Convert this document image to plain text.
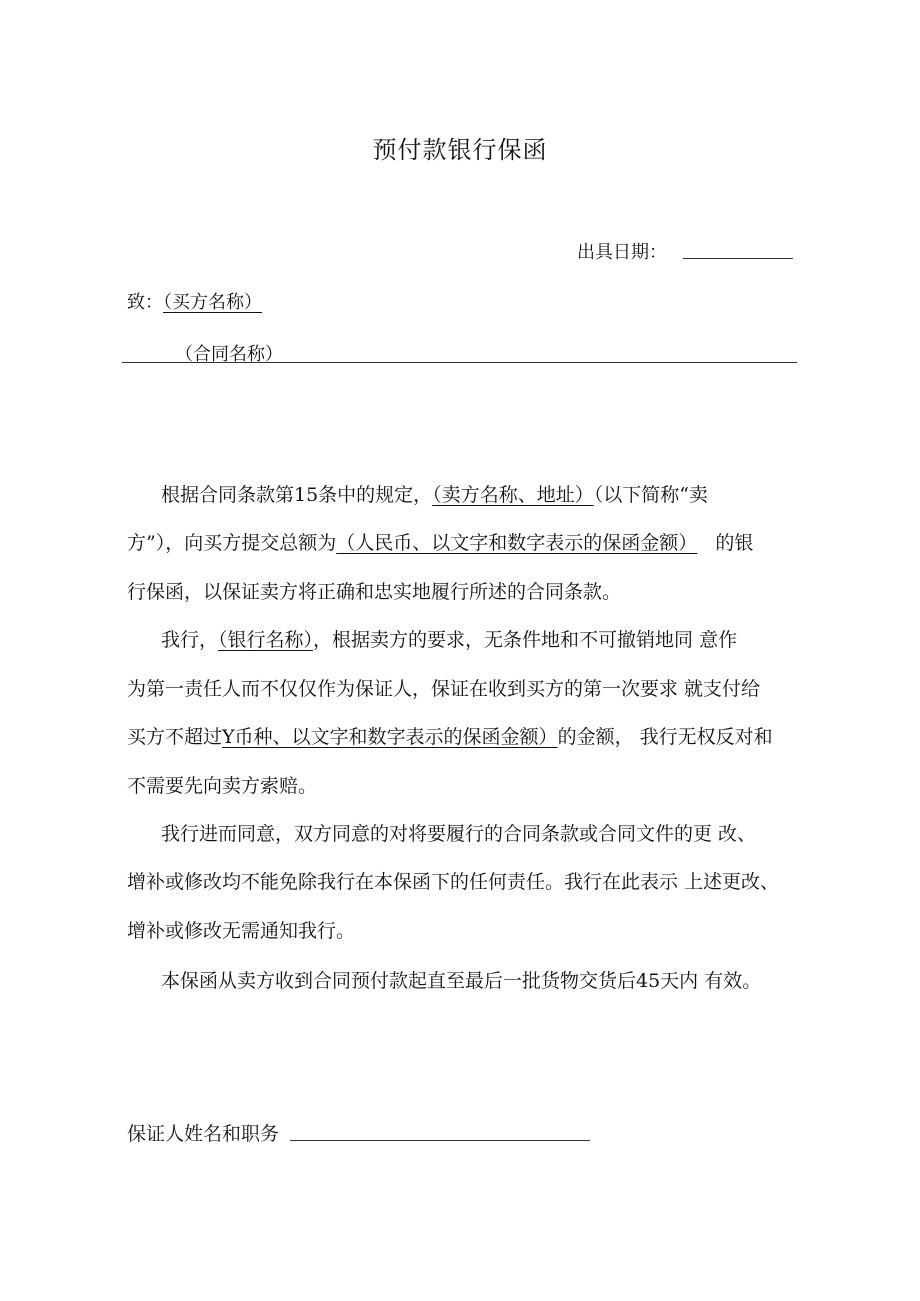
预付款银行保函
出具日期：
致：（买方名称）
（合同名称）
根据合同条款第15条中的规定，（卖方名称、地址）（以下简称“卖
方”），向买方提交总额为（人民币、以文字和数字表示的保函金额） 的银
行保函，以保证卖方将正确和忠实地履行所述的合同条款。
我行，（银行名称），根据卖方的要求，无条件地和不可撤销地同 意作
为第一责任人而不仅仅作为保证人，保证在收到买方的第一次要求 就支付给
买方不超过Y币种、以文字和数字表示的保函金额）的金额， 我行无权反对和
不需要先向卖方索赔。
我行进而同意，双方同意的对将要履行的合同条款或合同文件的更 改、
增补或修改均不能免除我行在本保函下的任何责任。我行在此表示 上述更改、
增补或修改无需通知我行。
本保函从卖方收到合同预付款起直至最后一批货物交货后45天内 有效。
保证人姓名和职务
